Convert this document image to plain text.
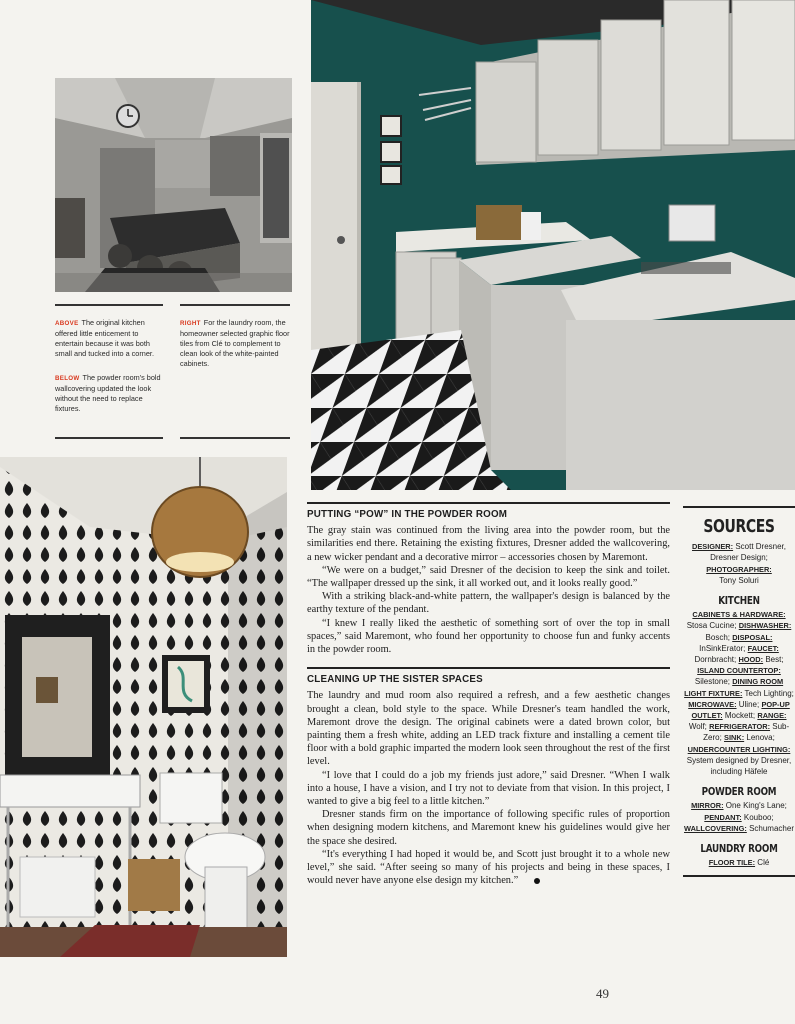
ABOVE The original kitchen offered little enticement to entertain because it was both small and tucked into a corner.
BELOW The powder room's bold wallcovering updated the look without the need to replace fixtures.
RIGHT For the laundry room, the homeowner selected graphic floor tiles from Clé to complement to clean look of the white-painted cabinets.
PUTTING “POW” IN THE POWDER ROOM

The gray stain was continued from the living area into the powder room, but the similarities end there. Retaining the existing fixtures, Dresner added the wallcovering, a new wicker pendant and a decorative mirror – accessories chosen by Maremont.

“We were on a budget,” said Dresner of the decision to keep the sink and toilet. “The wallpaper dressed up the sink, it all worked out, and it looks really good.”

With a striking black-and-white pattern, the wallpaper's design is balanced by the earthy texture of the pendant.

“I knew I really liked the aesthetic of something sort of over the top in small spaces,” said Maremont, who found her opportunity to choose fun and funky accents in the powder room.

CLEANING UP THE SISTER SPACES

The laundry and mud room also required a refresh, and a few aesthetic changes brought a clean, bold style to the space. While Dresner's team handled the work, Maremont drove the design. The original cabinets were a dated brown color, but painting them a fresh white, adding an LED track fixture and installing a cement tile floor with a bold graphic imparted the modern look seen throughout the rest of the first level.

“I love that I could do a job my friends just adore,” said Dresner. “When I walk into a house, I have a vision, and I try not to deviate from that vision. In this project, I wanted to give a big feel to a little kitchen.”

Dresner stands firm on the importance of following specific rules of proportion when designing modern kitchens, and Maremont knew his guidelines would give her the space she desired.

“It's everything I had hoped it would be, and Scott just brought it to a whole new level,” she said. “After seeing so many of his projects and being in these spaces, I would never have anyone else design my kitchen.”

SOURCES
DESIGNER: Scott Dresner, Dresner Design;
PHOTOGRAPHER:
Tony Soluri
KITCHEN
CABINETS & HARDWARE: Stosa Cucine; DISHWASHER: Bosch; DISPOSAL: InSinkErator; FAUCET: Dornbracht; HOOD: Best; ISLAND COUNTERTOP: Silestone; DINING ROOM LIGHT FIXTURE: Tech Lighting; MICROWAVE: Uline; POP-UP OUTLET: Mockett; RANGE: Wolf; REFRIGERATOR: Sub-Zero; SINK: Lenova; UNDERCOUNTER LIGHTING: System designed by Dresner, including Häfele
POWDER ROOM
MIRROR: One King's Lane; PENDANT: Kouboo; WALLCOVERING: Schumacher
LAUNDRY ROOM
FLOOR TILE: Clé
49
